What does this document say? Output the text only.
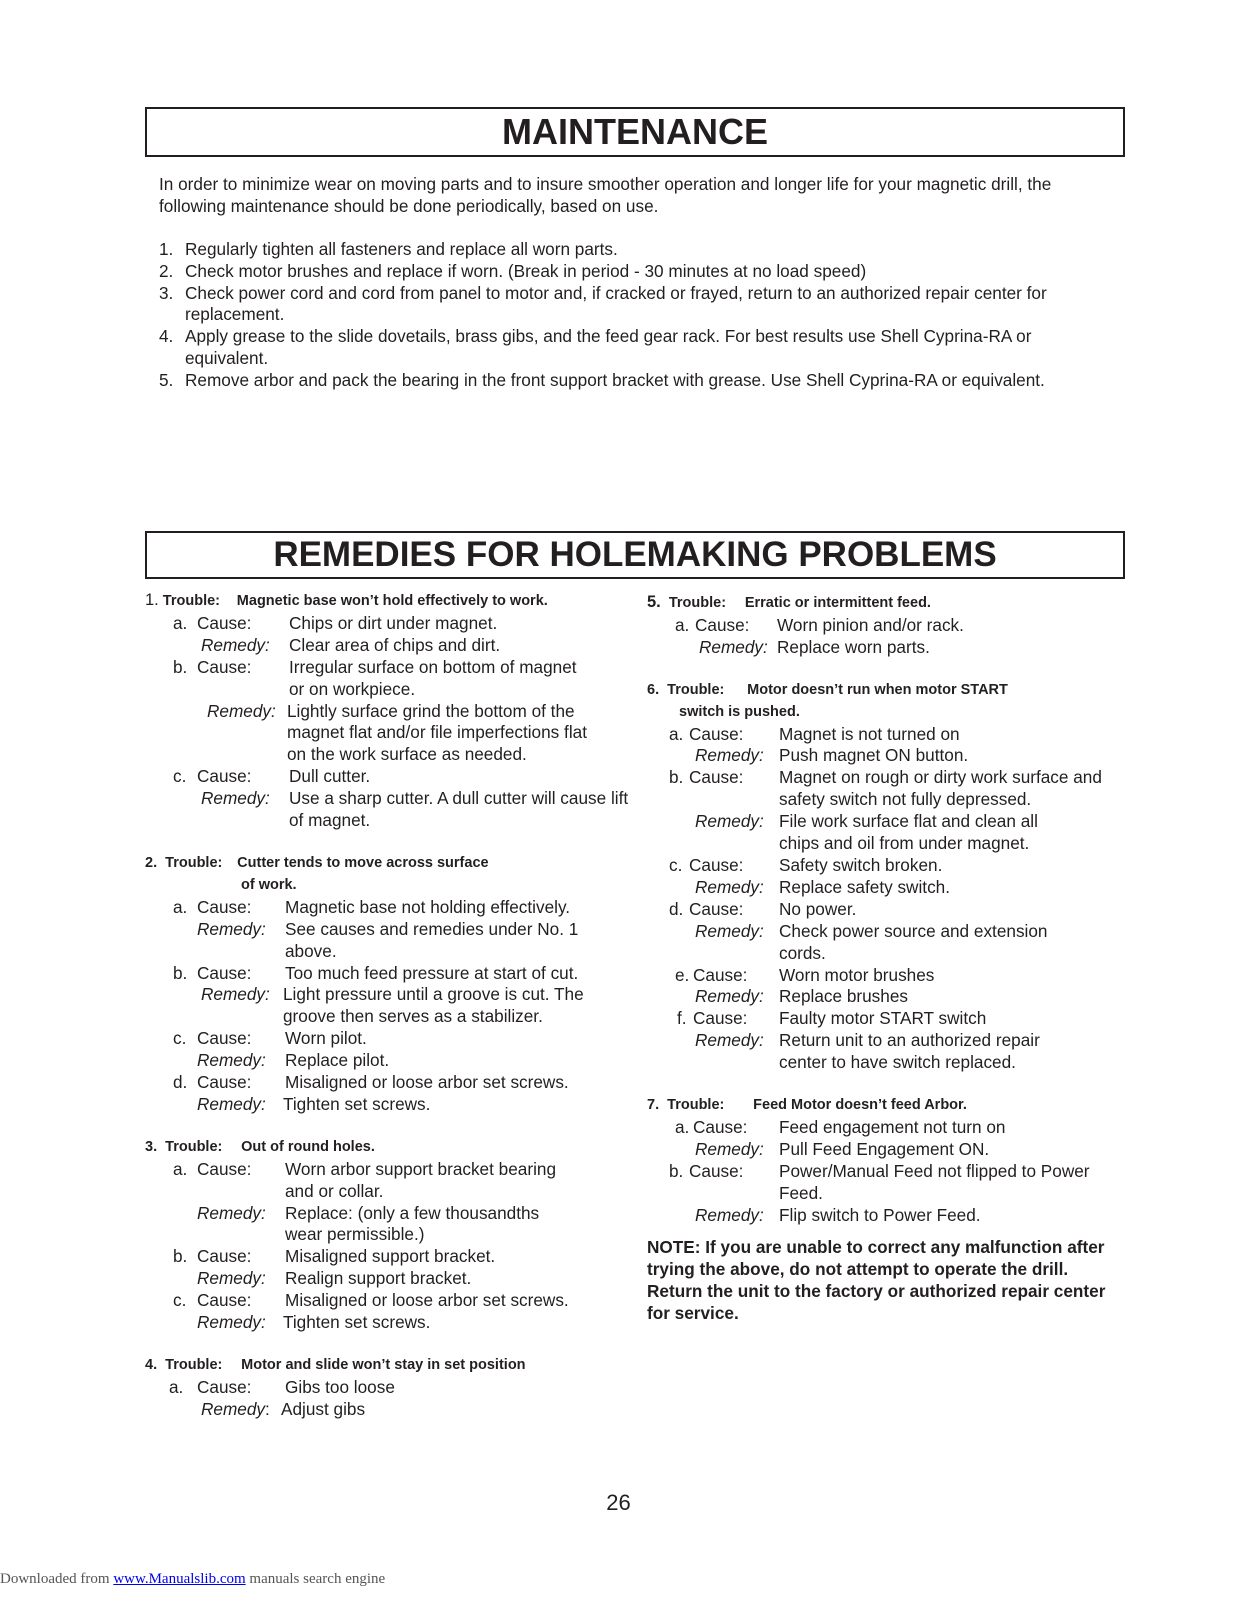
MAINTENANCE
In order to minimize wear on moving parts and to insure smoother operation and longer life for your magnetic drill, the following maintenance should be done periodically, based on use.
1. Regularly tighten all fasteners and replace all worn parts.
2. Check motor brushes and replace if worn. (Break in period - 30 minutes at no load speed)
3. Check power cord and cord from panel to motor and, if cracked or frayed, return to an authorized repair center for replacement.
4. Apply grease to the slide dovetails, brass gibs, and the feed gear rack. For best results use Shell Cyprina-RA or equivalent.
5. Remove arbor and pack the bearing in the front support bracket with grease. Use Shell Cyprina-RA or equivalent.
REMEDIES FOR HOLEMAKING PROBLEMS
1. Trouble: Magnetic base won’t hold effectively to work.
a. Cause:	Chips or dirt under magnet.
Remedy:	Clear area of chips and dirt.
b. Cause:	Irregular surface on bottom of magnet or on workpiece.
Remedy: Lightly surface grind the bottom of the magnet flat and/or file imperfections flat on the work surface as needed.
c. Cause:	Dull cutter.
Remedy:	Use a sharp cutter. A dull cutter will cause lift of magnet.
2. Trouble: Cutter tends to move across surface
of work.
a. Cause:	Magnetic base not holding effectively.
Remedy:	See causes and remedies under No. 1 above.
b. Cause:	Too much feed pressure at start of cut.
Remedy: Light pressure until a groove is cut. The groove then serves as a stabilizer.
c. Cause:	Worn pilot.
Remedy:	Replace pilot.
d. Cause:	Misaligned or loose arbor set screws.
Remedy:	Tighten set screws.
3. Trouble: Out of round holes.
a. Cause:	Worn arbor support bracket bearing and or collar.
Remedy:	Replace: (only a few thousandths wear permissible.)
b. Cause:	Misaligned support bracket.
Remedy:	Realign support bracket.
c. Cause:	Misaligned or loose arbor set screws.
Remedy:	Tighten set screws.
4. Trouble: Motor and slide won’t stay in set position
a. Cause:	Gibs too loose
Remedy : Adjust gibs
5. Trouble: Erratic or intermittent feed.
a. Cause:	Worn pinion and/or rack.
Remedy: Replace worn parts.
6. Trouble: Motor doesn’t run when motor START
switch is pushed.
a. Cause:	Magnet is not turned on
Remedy: Push magnet ON button.
b. Cause:	Magnet on rough or dirty work surface and safety switch not fully depressed.
Remedy: File work surface flat and clean all chips and oil from under magnet.
c. Cause:	Safety switch broken.
Remedy: Replace safety switch.
d. Cause:	No power.
Remedy: Check power source and extension cords.
e. Cause:	Worn motor brushes
Remedy: Replace brushes
f. Cause:	Faulty motor START switch
Remedy: Return unit to an authorized repair center to have switch replaced.
7. Trouble: Feed Motor doesn’t feed Arbor.
a. Cause:	Feed engagement not turn on
Remedy: Pull Feed Engagement ON.
b. Cause:	Power/Manual Feed not flipped to Power Feed.
Remedy: Flip switch to Power Feed.
NOTE: If you are unable to correct any malfunction after trying the above, do not attempt to operate the drill. Return the unit to the factory or authorized repair center for service.
26
Downloaded from www.Manualslib.com manuals search engine
